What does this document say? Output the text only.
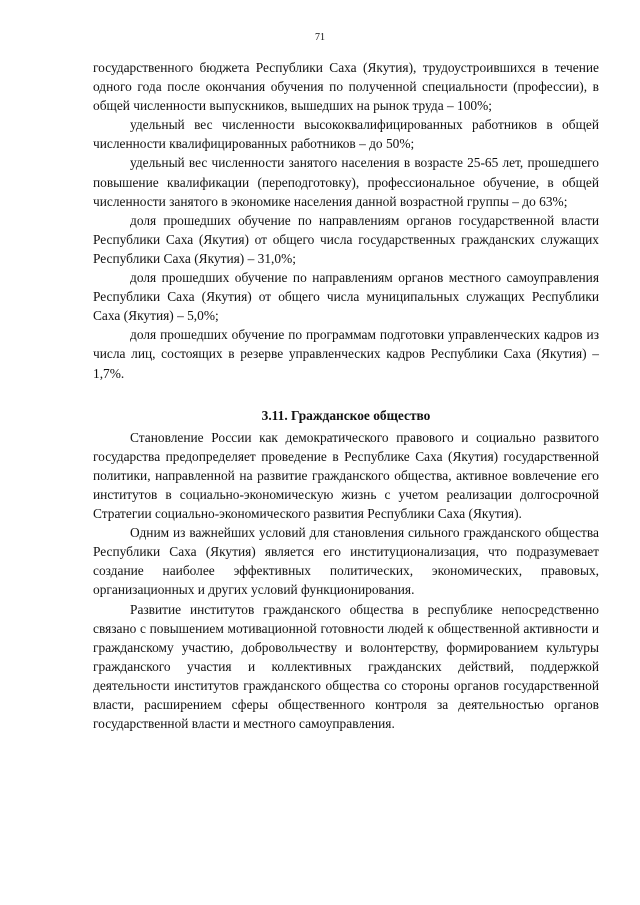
71

государственного бюджета Республики Саха (Якутия), трудоустроившихся в течение одного года после окончания обучения по полученной специальности (профессии), в общей численности выпускников, вышедших на рынок труда – 100%;

удельный вес численности высококвалифицированных работников в общей численности квалифицированных работников – до 50%;

удельный вес численности занятого населения в возрасте 25-65 лет, прошедшего повышение квалификации (переподготовку), профессиональное обучение, в общей численности занятого в экономике населения данной возрастной группы – до 63%;

доля прошедших обучение по направлениям органов государственной власти Республики Саха (Якутия) от общего числа государственных гражданских служащих Республики Саха (Якутия) – 31,0%;

доля прошедших обучение по направлениям органов местного самоуправления Республики Саха (Якутия) от общего числа муниципальных служащих Республики Саха (Якутия) – 5,0%;

доля прошедших обучение по программам подготовки управленческих кадров из числа лиц, состоящих в резерве управленческих кадров Республики Саха (Якутия) – 1,7%.

3.11. Гражданское общество

Становление России как демократического правового и социально развитого государства предопределяет проведение в Республике Саха (Якутия) государственной политики, направленной на развитие гражданского общества, активное вовлечение его институтов в социально-экономическую жизнь с учетом реализации долгосрочной Стратегии социально-экономического развития Республики Саха (Якутия).

Одним из важнейших условий для становления сильного гражданского общества Республики Саха (Якутия) является его институционализация, что подразумевает создание наиболее эффективных политических, экономических, правовых, организационных и других условий функционирования.

Развитие институтов гражданского общества в республике непосредственно связано с повышением мотивационной готовности людей к общественной активности и гражданскому участию, добровольчеству и волонтерству, формированием культуры гражданского участия и коллективных гражданских действий, поддержкой деятельности институтов гражданского общества со стороны органов государственной власти, расширением сферы общественного контроля за деятельностью органов государственной власти и местного самоуправления.
